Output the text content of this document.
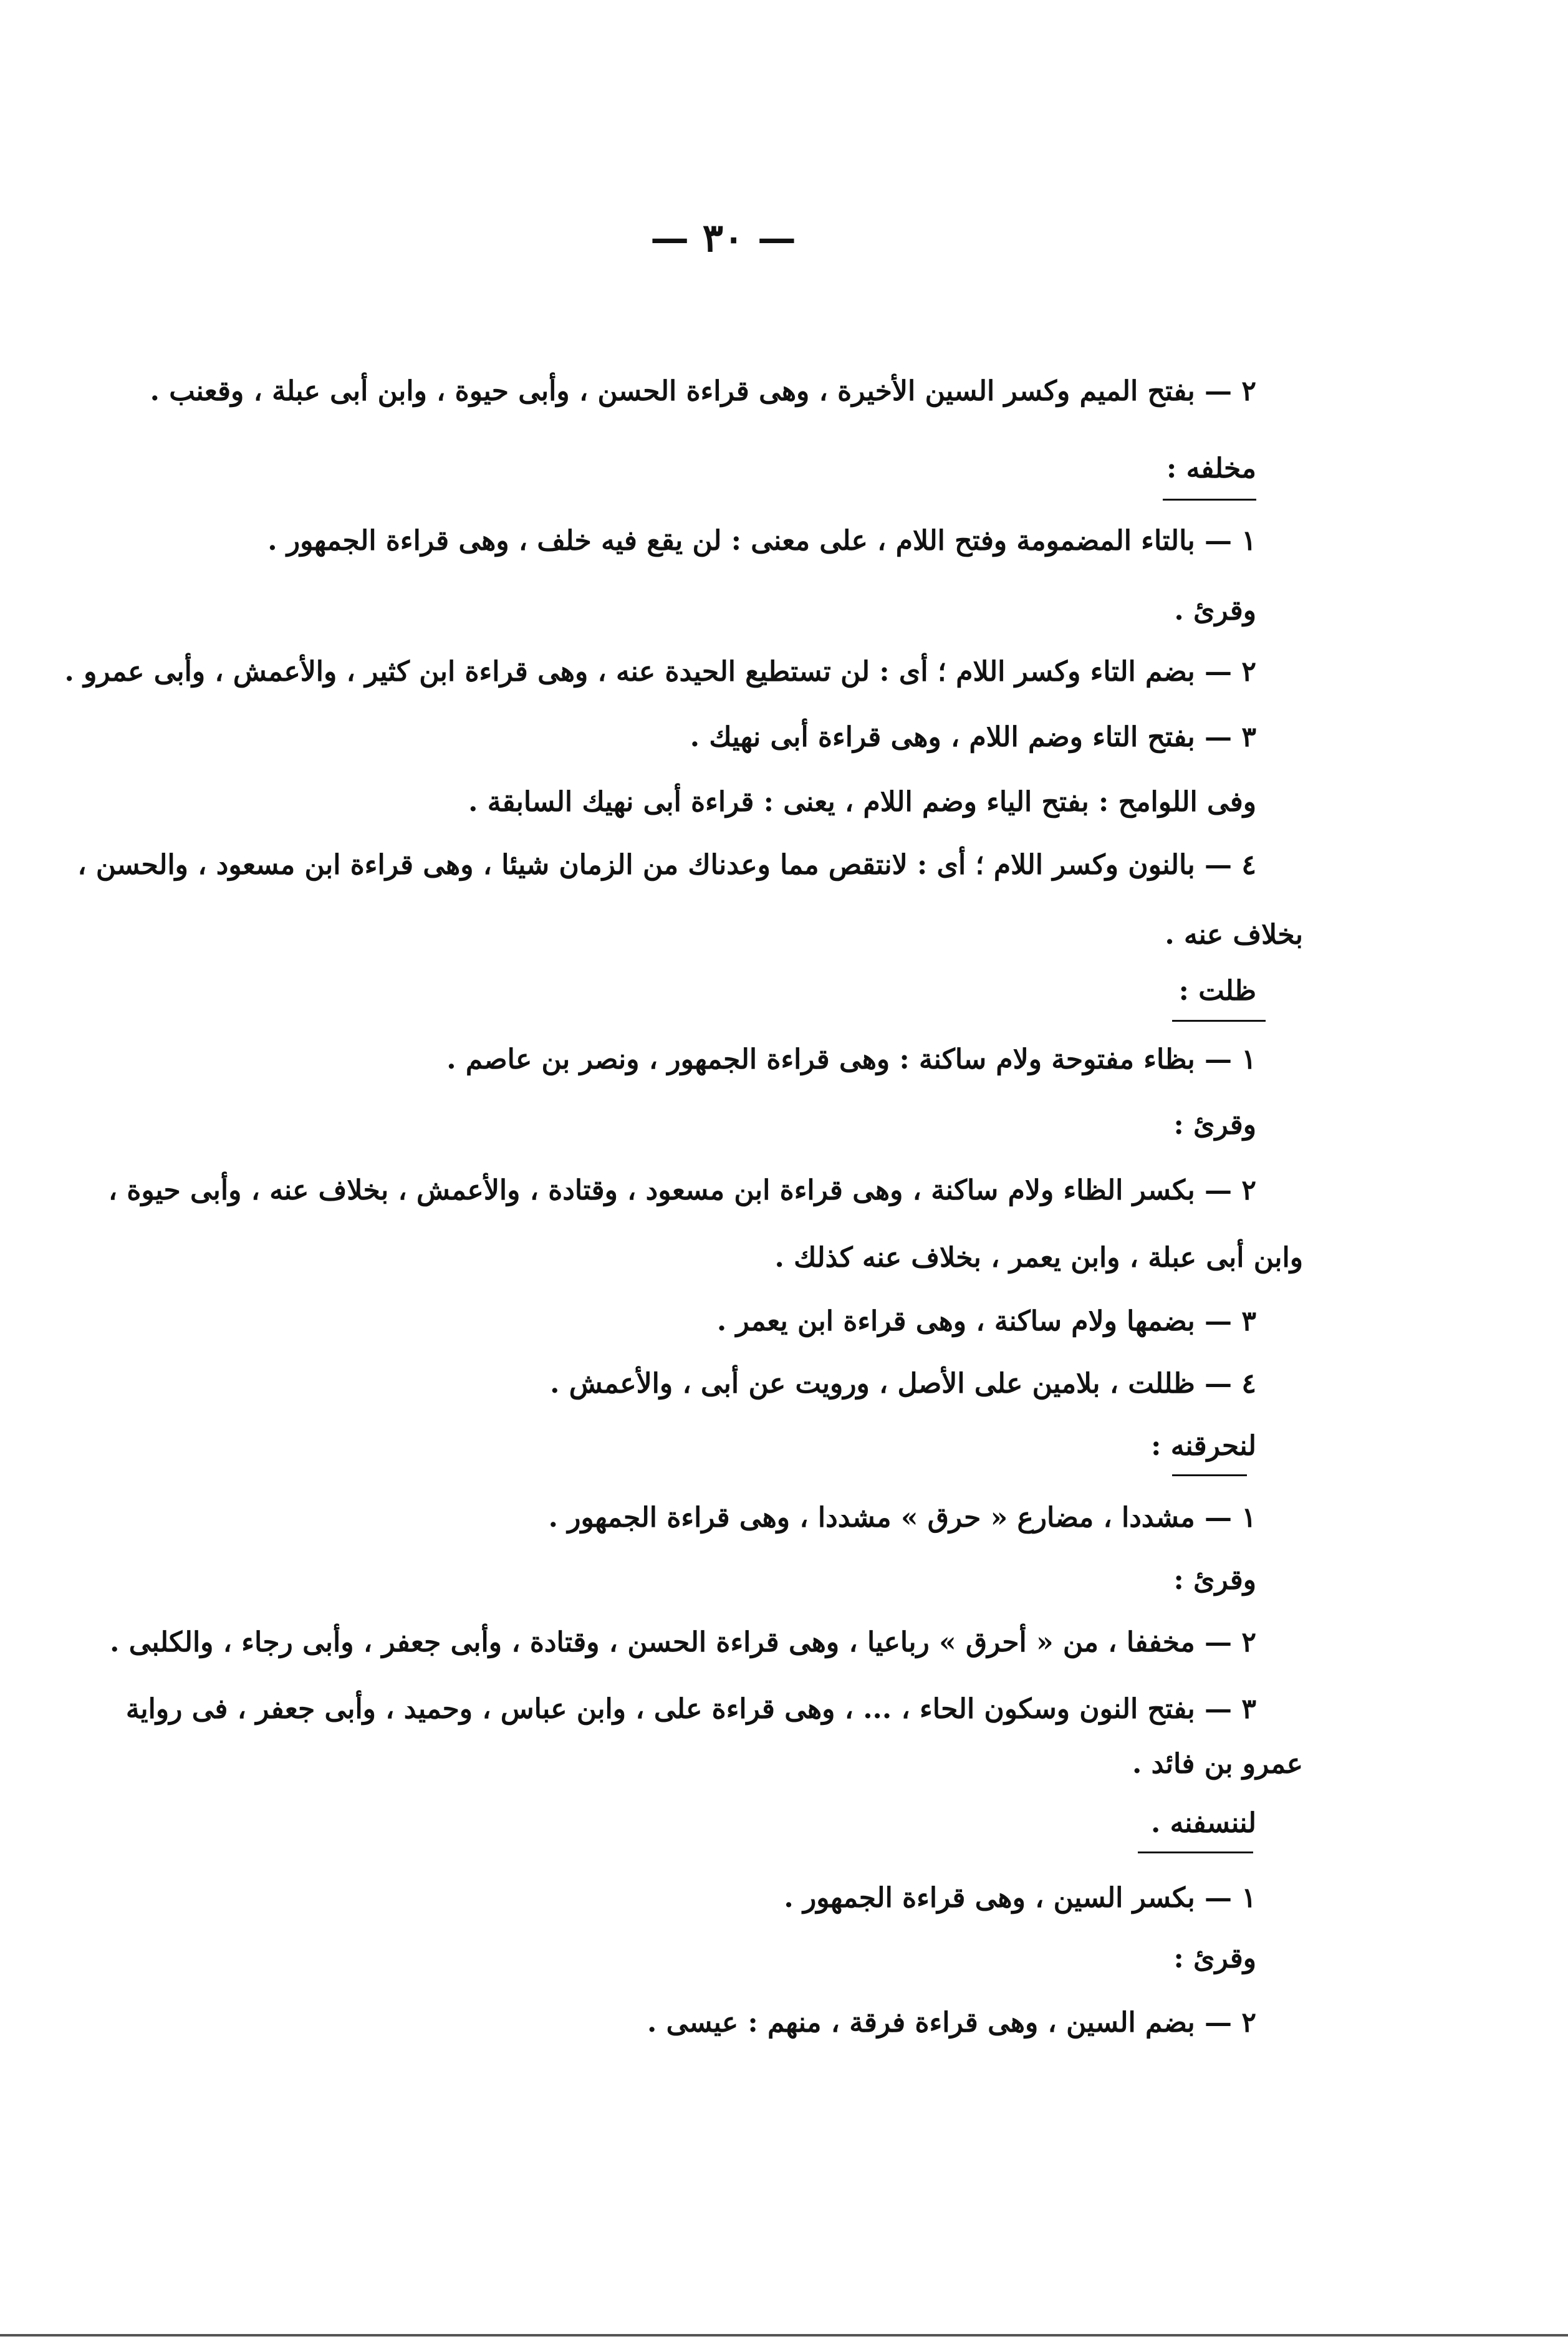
— ٣٠ —
٢ — بفتح الميم وكسر السين الأخيرة ، وهى قراءة الحسن ، وأبى حيوة ، وابن أبى عبلة ، وقعنب .
مخلفه :
١ — بالتاء المضمومة وفتح اللام ، على معنى : لن يقع فيه خلف ، وهى قراءة الجمهور .
وقرئ .
٢ — بضم التاء وكسر اللام ؛ أى : لن تستطيع الحيدة عنه ، وهى قراءة ابن كثير ، والأعمش ، وأبى عمرو .
٣ — بفتح التاء وضم اللام ، وهى قراءة أبى نهيك .
وفى اللوامح : بفتح الياء وضم اللام ، يعنى : قراءة أبى نهيك السابقة .
٤ — بالنون وكسر اللام ؛ أى : لانتقص مما وعدناك من الزمان شيئا ، وهى قراءة ابن مسعود ، والحسن ،
بخلاف عنه .
ظلت :
١ — بظاء مفتوحة ولام ساكنة : وهى قراءة الجمهور ، ونصر بن عاصم .
وقرئ :
٢ — بكسر الظاء ولام ساكنة ، وهى قراءة ابن مسعود ، وقتادة ، والأعمش ، بخلاف عنه ، وأبى حيوة ،
وابن أبى عبلة ، وابن يعمر ، بخلاف عنه كذلك .
٣ — بضمها ولام ساكنة ، وهى قراءة ابن يعمر .
٤ — ظللت ، بلامين على الأصل ، ورويت عن أبى ، والأعمش .
لنحرقنه :
١ — مشددا ، مضارع « حرق » مشددا ، وهى قراءة الجمهور .
وقرئ :
٢ — مخففا ، من « أحرق » رباعيا ، وهى قراءة الحسن ، وقتادة ، وأبى جعفر ، وأبى رجاء ، والكلبى .
٣ — بفتح النون وسكون الحاء ، ... ، وهى قراءة على ، وابن عباس ، وحميد ، وأبى جعفر ، فى رواية
عمرو بن فائد .
لننسفنه .
١ — بكسر السين ، وهى قراءة الجمهور .
وقرئ :
٢ — بضم السين ، وهى قراءة فرقة ، منهم : عيسى .
